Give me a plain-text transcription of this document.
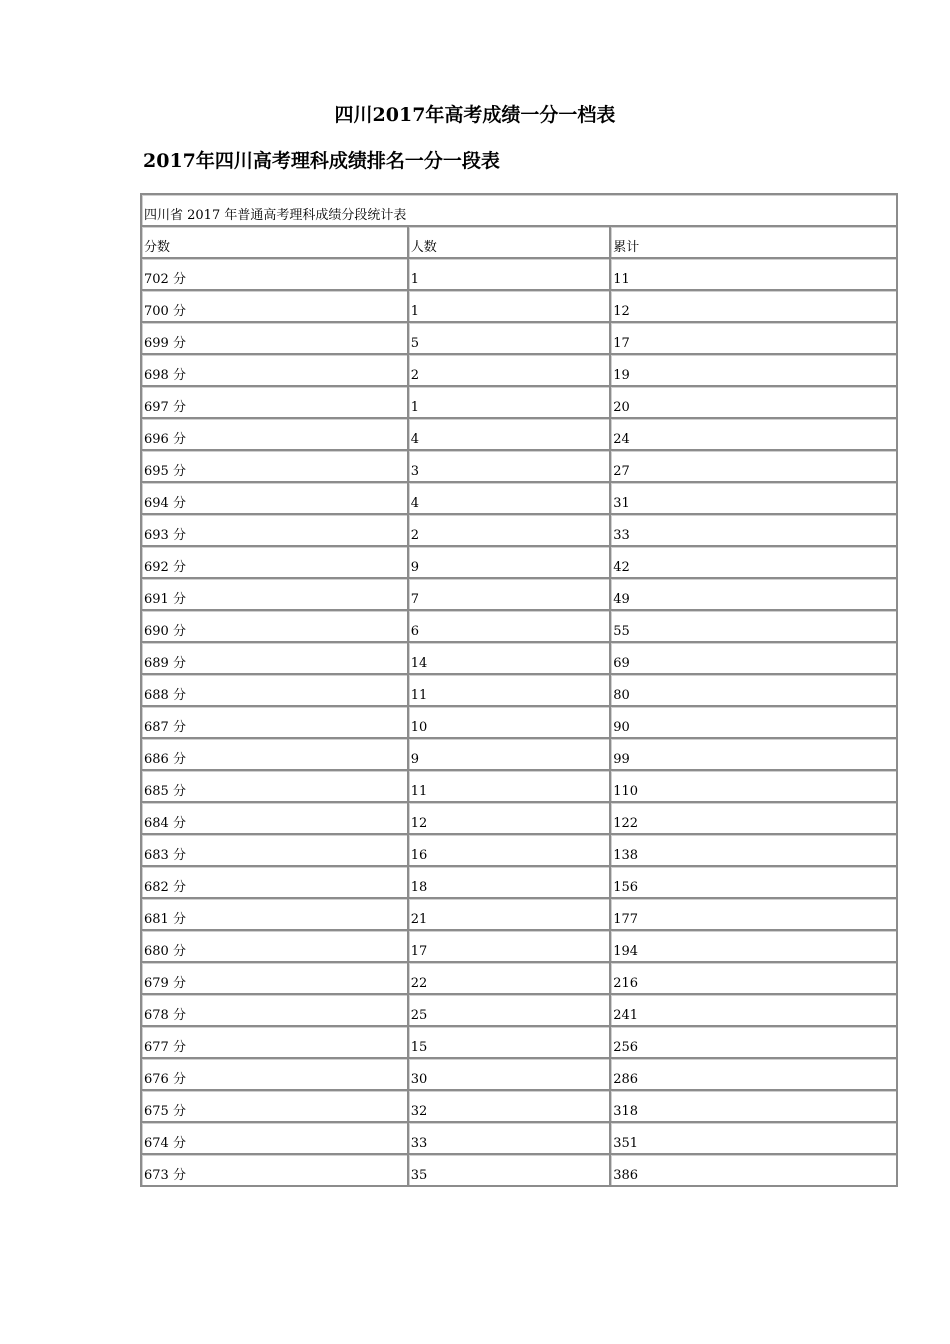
四川2017年高考成绩一分一档表
2017年四川高考理科成绩排名一分一段表
四川省 2017 年普通高考理科成绩分段统计表		

分数	人数	累计

702 分	1	11

700 分	1	12

699 分	5	17

698 分	2	19

697 分	1	20

696 分	4	24

695 分	3	27

694 分	4	31

693 分	2	33

692 分	9	42

691 分	7	49

690 分	6	55

689 分	14	69

688 分	11	80

687 分	10	90

686 分	9	99

685 分	11	110

684 分	12	122

683 分	16	138

682 分	18	156

681 分	21	177

680 分	17	194

679 分	22	216

678 分	25	241

677 分	15	256

676 分	30	286

675 分	32	318

674 分	33	351

673 分	35	386
